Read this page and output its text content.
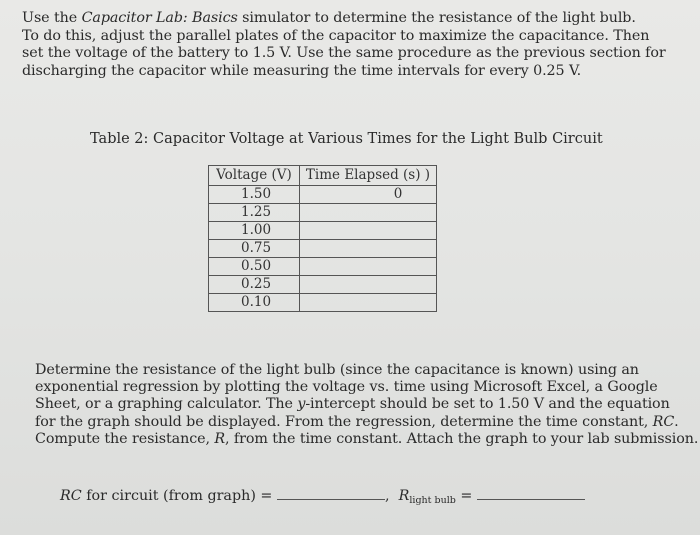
Use the Capacitor Lab: Basics simulator to determine the resistance of the light bulb.
To do this, adjust the parallel plates of the capacitor to maximize the capacitance. Then
set the voltage of the battery to 1.5 V. Use the same procedure as the previous section for
discharging the capacitor while measuring the time intervals for every 0.25 V.
Table 2: Capacitor Voltage at Various Times for the Light Bulb Circuit
Voltage (V)	Time Elapsed (s) )
1.50	0
1.25	
1.00	
0.75	
0.50	
0.25	
0.10	
Determine the resistance of the light bulb (since the capacitance is known) using an
exponential regression by plotting the voltage vs. time using Microsoft Excel, a Google
Sheet, or a graphing calculator. The y-intercept should be set to 1.50 V and the equation
for the graph should be displayed. From the regression, determine the time constant, RC.
Compute the resistance, R, from the time constant. Attach the graph to your lab submission.
RC for circuit (from graph) =	, $R_{light bulb}$ =
